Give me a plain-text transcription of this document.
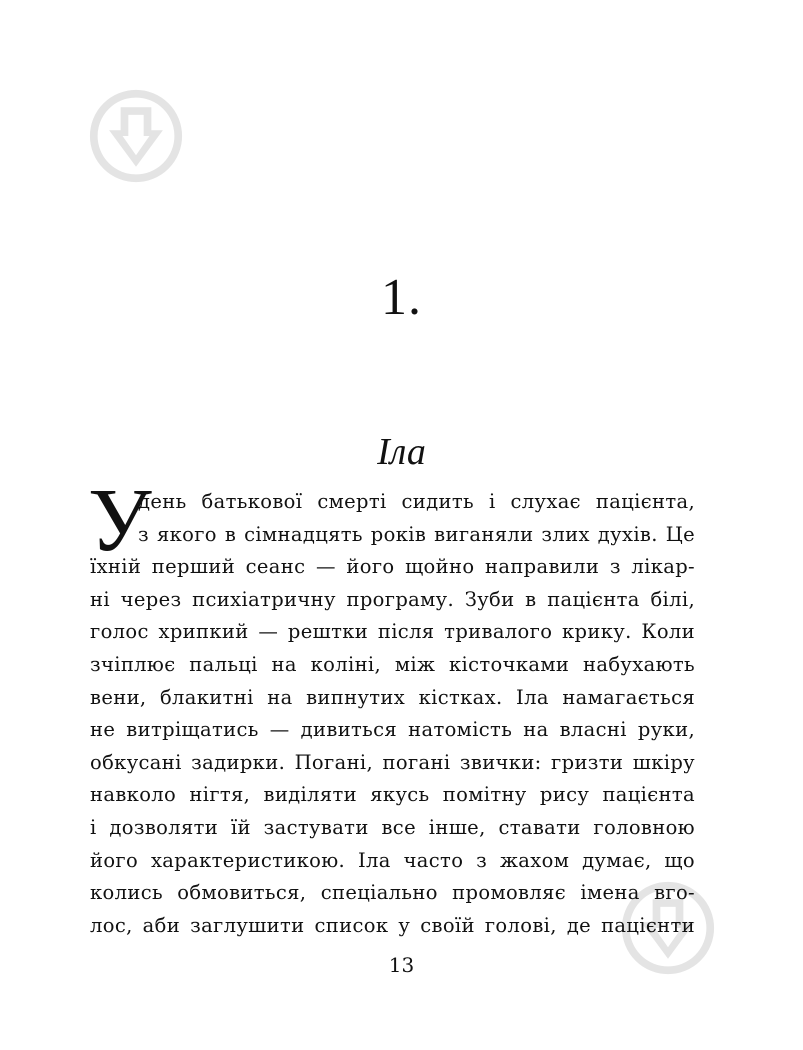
1.
Іла
У
день батькової смерті сидить і слухає пацієнта,
з якого в сімнадцять років виганяли злих духів. Це
їхній перший сеанс — його щойно направили з лікар-
ні через психіатричну програму. Зуби в пацієнта білі,
голос хрипкий — рештки після тривалого крику. Коли
зчіплює пальці на коліні, між кісточками набухають
вени, блакитні на випнутих кістках. Іла намагається
не витріщатись — дивиться натомість на власні руки,
обкусані задирки. Погані, погані звички: гризти шкіру
навколо нігтя, виділяти якусь помітну рису пацієнта
і дозволяти їй застувати все інше, ставати головною
його характеристикою. Іла часто з жахом думає, що
колись обмовиться, спеціально промовляє імена вго-
лос, аби заглушити список у своїй голові, де пацієнти
13
